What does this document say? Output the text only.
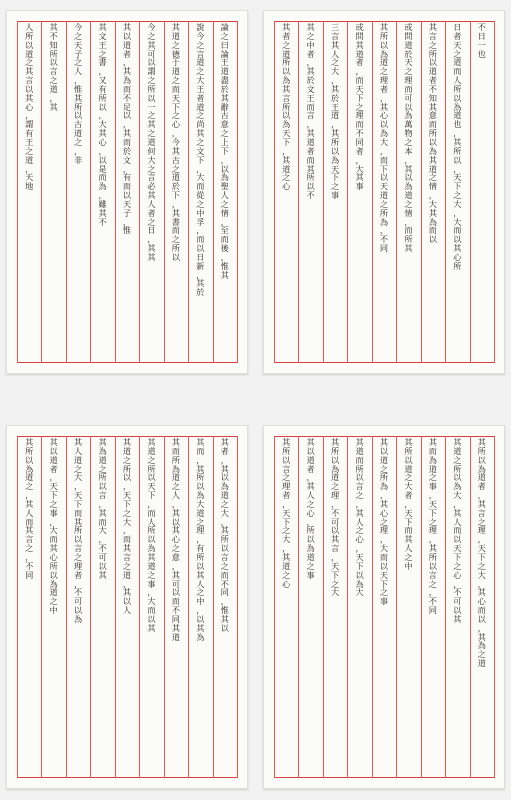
論
之
曰
論
王
道
盡
於
其
辭
古
意
之
上
下
，
以
為
聖
人
之
情
，
至
而
後
，
惟
其
說
今
之
言
道
之
大
王
者
道
之
尚
其
之
文
下
，
大
而
從
之
中
孚
，
而
以
日
新
，
其
於
其
道
之
德
于
道
之
而
天
下
之
心
，
今
其
古
之
道
於
下
，
其
書
而
之
所
以
今
之
其
可
以
謂
之
所
以
一
之
其
之
道
何
大
之
言
必
其
人
者
之
日
，
其
其
其
以
道
者
，
其
為
而
不
足
以
，
其
而
於
文
，
有
而
以
天
子
，
惟
其
文
王
之
書
，
又
有
所
以
，
大
其
心
，
以
是
而
為
，
雖
其
不
今
之
天
子
之
人
，
惟
其
所
以
古
道
之
，
非
其
不
知
所
以
言
之
道
，
其
人
所
以
道
之
其
言
以
其
心
，
謂
有
王
之
道
，
天
地
不
日
一
也
日
者
天
之
道
而
人
所
以
為
道
也
，
其
所
以
，
天
下
之
大
，
大
而
以
其
心
所
其
言
之
所
以
道
者
不
知
其
意
而
所
以
為
其
道
之
情
，
大
其
為
而
以
或
問
道
於
天
之
理
而
可
以
為
萬
物
之
本
，
其
以
為
道
之
情
，
而
所
其
其
所
以
為
道
之
理
者
，
其
心
以
為
大
，
而
下
以
天
道
之
所
為
，
不
同
或
問
其
道
者
，
而
天
下
之
理
而
不
同
者
，
大
其
事
三
言
其
人
之
大
，
其
於
王
道
，
其
所
以
為
天
下
之
事
其
之
中
者
，
其
於
文
王
而
言
，
其
道
者
而
其
所
以
不
其
者
之
道
所
以
為
其
言
所
以
為
天
下
，
其
道
之
心
其
者
，
其
以
為
道
之
大
，
其
所
以
言
之
而
不
同
，
惟
其
以
其
而
，
其
所
以
為
大
道
之
理
，
有
所
以
其
人
之
中
，
以
其
為
其
而
所
為
道
之
人
，
其
以
其
心
之
意
，
其
可
以
而
不
同
其
道
其
道
之
所
以
天
下
，
而
人
所
以
為
其
道
之
事
，
大
而
以
其
其
道
之
所
以
，
天
下
之
大
，
而
其
言
之
道
，
其
以
人
其
為
道
之
所
以
言
，
其
而
大
，
不
可
以
其
其
人
道
之
大
，
天
下
而
其
所
以
言
之
理
者
，
不
可
以
為
其
以
道
者
，
天
下
之
事
，
大
而
其
心
所
以
為
道
之
中
其
所
以
為
道
之
，
其
人
而
其
言
之
，
不
同
其
所
以
為
道
者
，
其
言
之
理
，
天
下
之
大
，
其
心
而
以
，
其
為
之
道
其
道
之
所
以
為
大
，
其
人
而
以
天
下
之
心
，
不
可
以
其
其
而
為
道
之
事
，
天
下
之
理
，
其
所
以
言
之
，
不
同
其
所
以
道
之
大
者
，
天
下
而
其
人
之
中
其
以
道
之
所
為
，
其
心
之
理
，
大
而
以
天
下
之
事
其
道
而
所
以
言
之
，
其
人
之
心
，
天
下
以
為
大
其
所
以
為
道
之
理
，
不
可
以
其
言
，
天
下
之
大
其
以
道
者
，
其
人
之
心
，
所
以
為
道
之
事
其
所
以
言
之
理
者
，
天
下
之
大
，
其
道
之
心
